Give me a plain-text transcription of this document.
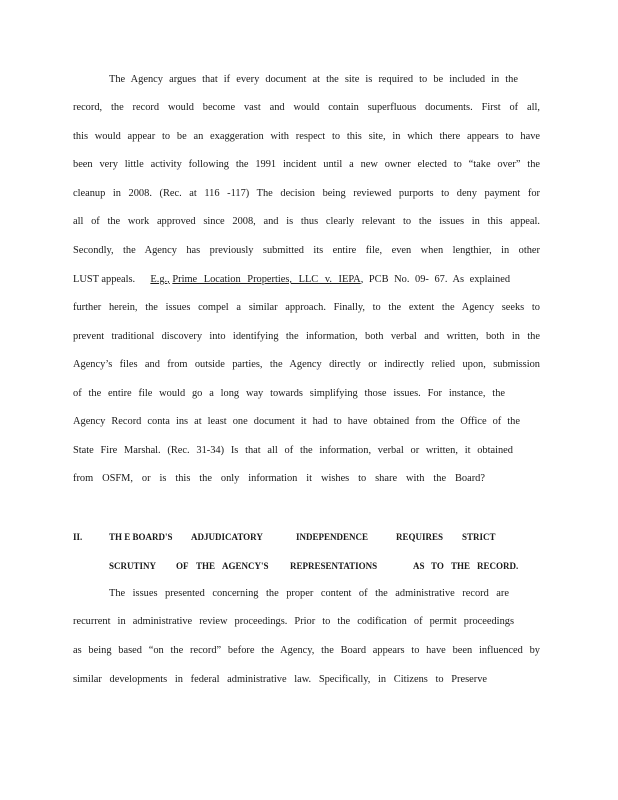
The Agency argues that if every document at the site is required to be included in the
record, the record would become vast and would contain superfluous documents. First of all,
this would appear to be an exaggeration with respect to this site, in which there appears to have
been very little activity following the 1991 incident until a new owner elected to “take over” the
cleanup in 2008. (Rec. at 116 -117) The decision being reviewed purports to deny payment for
all of the work approved since 2008, and is thus clearly relevant to the issues in this appeal.
Secondly, the Agency has previously submitted its entire file, even when lengthier, in other
LUST appeals. E.g., Prime Location Properties, LLC v. IEPA, PCB No. 09- 67. As explained
further herein, the issues compel a similar approach. Finally, to the extent the Agency seeks to
prevent traditional discovery into identifying the information, both verbal and written, both in the
Agency’s files and from outside parties, the Agency directly or indirectly relied upon, submission
of the entire file would go a long way towards simplifying those issues. For instance, the
Agency Record conta ins at least one document it had to have obtained from the Office of the
State Fire Marshal. (Rec. 31-34) Is that all of the information, verbal or written, it obtained
from OSFM, or is this the only information it wishes to share with the Board?
II.	TH E BOARD'S ADJUDICATORY	INDEPENDENCE	REQUIRES STRICT
SCRUTINY OF THE AGENCY'S REPRESENTATIONS	AS TO THE RECORD.
The issues presented concerning the proper content of the administrative record are
recurrent in administrative review proceedings. Prior to the codification of permit proceedings
as being based “on the record” before the Agency, the Board appears to have been influenced by
similar developments in federal administrative law. Specifically, in Citizens to Preserve
